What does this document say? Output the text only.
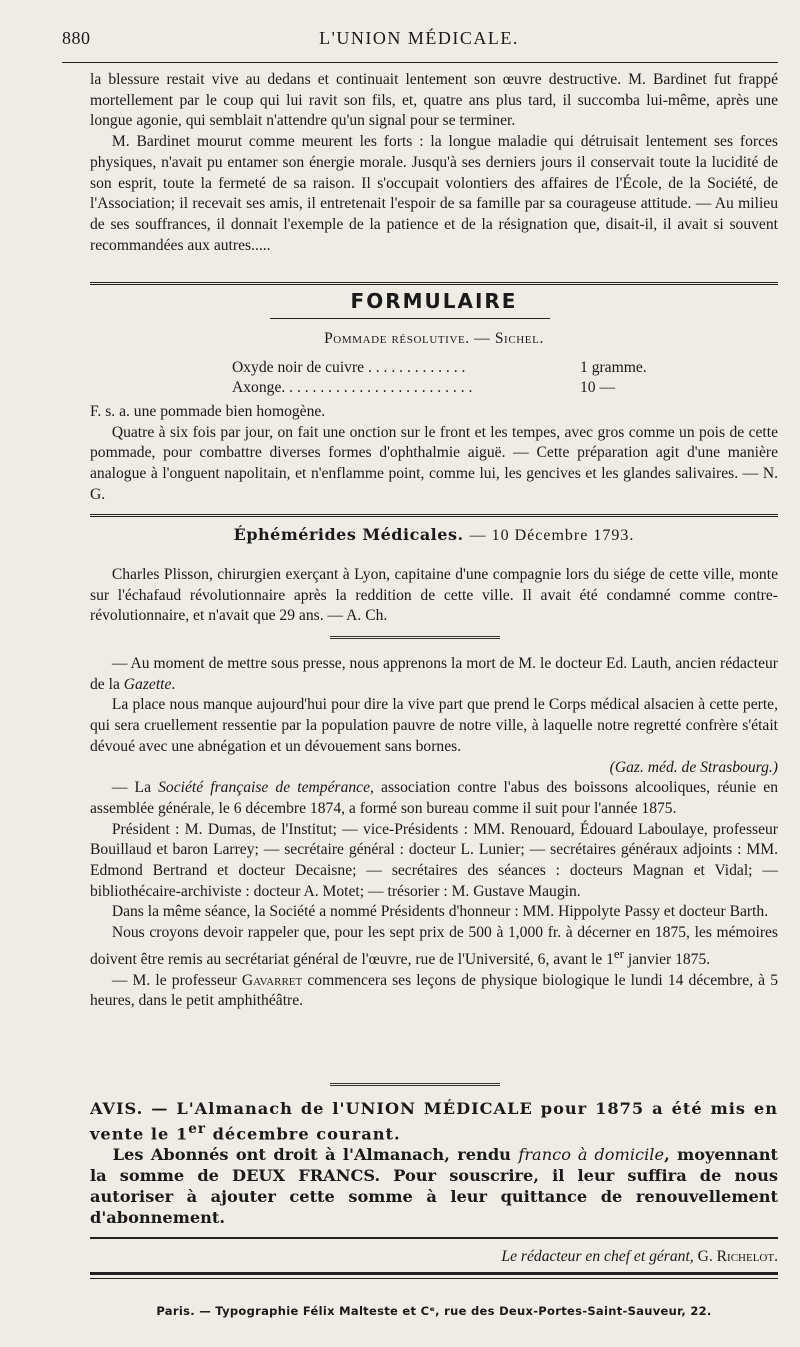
880	L'UNION MÉDICALE.

la blessure restait vive au dedans et continuait lentement son œuvre destructive. M. Bardinet fut frappé mortellement par le coup qui lui ravit son fils, et, quatre ans plus tard, il succomba lui-même, après une longue agonie, qui semblait n'attendre qu'un signal pour se terminer.

M. Bardinet mourut comme meurent les forts : la longue maladie qui détruisait lentement ses forces physiques, n'avait pu entamer son énergie morale. Jusqu'à ses derniers jours il conservait toute la lucidité de son esprit, toute la fermeté de sa raison. Il s'occupait volontiers des affaires de l'École, de la Société, de l'Association; il recevait ses amis, il entretenait l'espoir de sa famille par sa courageuse attitude. — Au milieu de ses souffrances, il donnait l'exemple de la patience et de la résignation que, disait-il, il avait si souvent recommandées aux autres.....

FORMULAIRE
Pommade résolutive. — Sichel.
Oxyde noir de cuivre . . . . . . . . . . . . .	1 gramme.
Axonge. . . . . . . . . . . . . . . . . . . . . . . . .	10 —

F. s. a. une pommade bien homogène.

Quatre à six fois par jour, on fait une onction sur le front et les tempes, avec gros comme un pois de cette pommade, pour combattre diverses formes d'ophthalmie aiguë. — Cette préparation agit d'une manière analogue à l'onguent napolitain, et n'enflamme point, comme lui, les gencives et les glandes salivaires. — N. G.

Éphémérides Médicales. — 10 Décembre 1793.

Charles Plisson, chirurgien exerçant à Lyon, capitaine d'une compagnie lors du siége de cette ville, monte sur l'échafaud révolutionnaire après la reddition de cette ville. Il avait été condamné comme contre-révolutionnaire, et n'avait que 29 ans. — A. Ch.

— Au moment de mettre sous presse, nous apprenons la mort de M. le docteur Ed. Lauth, ancien rédacteur de la Gazette.

La place nous manque aujourd'hui pour dire la vive part que prend le Corps médical alsacien à cette perte, qui sera cruellement ressentie par la population pauvre de notre ville, à laquelle notre regretté confrère s'était dévoué avec une abnégation et un dévouement sans bornes.

(Gaz. méd. de Strasbourg.)

— La Société française de tempérance, association contre l'abus des boissons alcooliques, réunie en assemblée générale, le 6 décembre 1874, a formé son bureau comme il suit pour l'année 1875.

Président : M. Dumas, de l'Institut; — vice-Présidents : MM. Renouard, Édouard Laboulaye, professeur Bouillaud et baron Larrey; — secrétaire général : docteur L. Lunier; — secrétaires généraux adjoints : MM. Edmond Bertrand et docteur Decaisne; — secrétaires des séances : docteurs Magnan et Vidal; — bibliothécaire-archiviste : docteur A. Motet; — trésorier : M. Gustave Maugin.

Dans la même séance, la Société a nommé Présidents d'honneur : MM. Hippolyte Passy et docteur Barth.

Nous croyons devoir rappeler que, pour les sept prix de 500 à 1,000 fr. à décerner en 1875, les mémoires doivent être remis au secrétariat général de l'œuvre, rue de l'Université, 6, avant le 1er janvier 1875.

— M. le professeur Gavarret commencera ses leçons de physique biologique le lundi 14 décembre, à 5 heures, dans le petit amphithéâtre.

AVIS. — L'Almanach de l'UNION MÉDICALE pour 1875 a été mis en vente le 1er décembre courant.

Les Abonnés ont droit à l'Almanach, rendu franco à domicile, moyennant la somme de DEUX FRANCS. Pour souscrire, il leur suffira de nous autoriser à ajouter cette somme à leur quittance de renouvellement d'abonnement.

Le rédacteur en chef et gérant, G. Richelot.
Paris. — Typographie Félix Malteste et Cᵉ, rue des Deux-Portes-Saint-Sauveur, 22.
